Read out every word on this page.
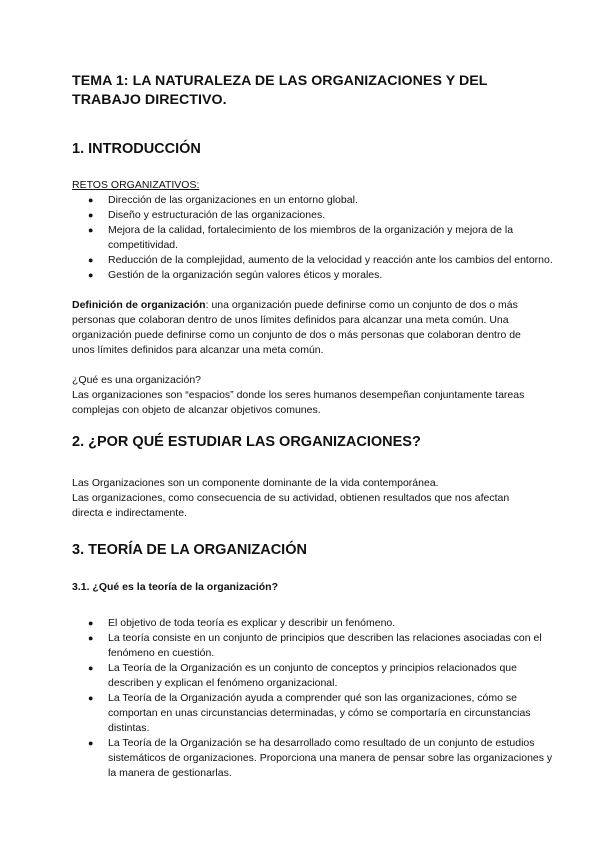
TEMA 1: LA NATURALEZA DE LAS ORGANIZACIONES Y DEL
TRABAJO DIRECTIVO.
1. INTRODUCCIÓN
RETOS ORGANIZATIVOS:
● Dirección de las organizaciones en un entorno global.
● Diseño y estructuración de las organizaciones.
● Mejora de la calidad, fortalecimiento de los miembros de la organización y mejora de la competitividad.
● Reducción de la complejidad, aumento de la velocidad y reacción ante los cambios del entorno.
● Gestión de la organización según valores éticos y morales.

Definición de organización: una organización puede definirse como un conjunto de dos o más personas que colaboran dentro de unos límites definidos para alcanzar una meta común. Una organización puede definirse como un conjunto de dos o más personas que colaboran dentro de unos límites definidos para alcanzar una meta común.

¿Qué es una organización?
Las organizaciones son “espacios” donde los seres humanos desempeñan conjuntamente tareas complejas con objeto de alcanzar objetivos comunes.
2. ¿POR QUÉ ESTUDIAR LAS ORGANIZACIONES?
Las Organizaciones son un componente dominante de la vida contemporánea.
Las organizaciones, como consecuencia de su actividad, obtienen resultados que nos afectan directa e indirectamente.
3. TEORÍA DE LA ORGANIZACIÓN
3.1. ¿Qué es la teoría de la organización?
● El objetivo de toda teoría es explicar y describir un fenómeno.
● La teoría consiste en un conjunto de principios que describen las relaciones asociadas con el fenómeno en cuestión.
● La Teoría de la Organización es un conjunto de conceptos y principios relacionados que describen y explican el fenómeno organizacional.
● La Teoría de la Organización ayuda a comprender qué son las organizaciones, cómo se comportan en unas circunstancias determinadas, y cómo se comportaría en circunstancias distintas.
● La Teoría de la Organización se ha desarrollado como resultado de un conjunto de estudios sistemáticos de organizaciones. Proporciona una manera de pensar sobre las organizaciones y la manera de gestionarlas.
